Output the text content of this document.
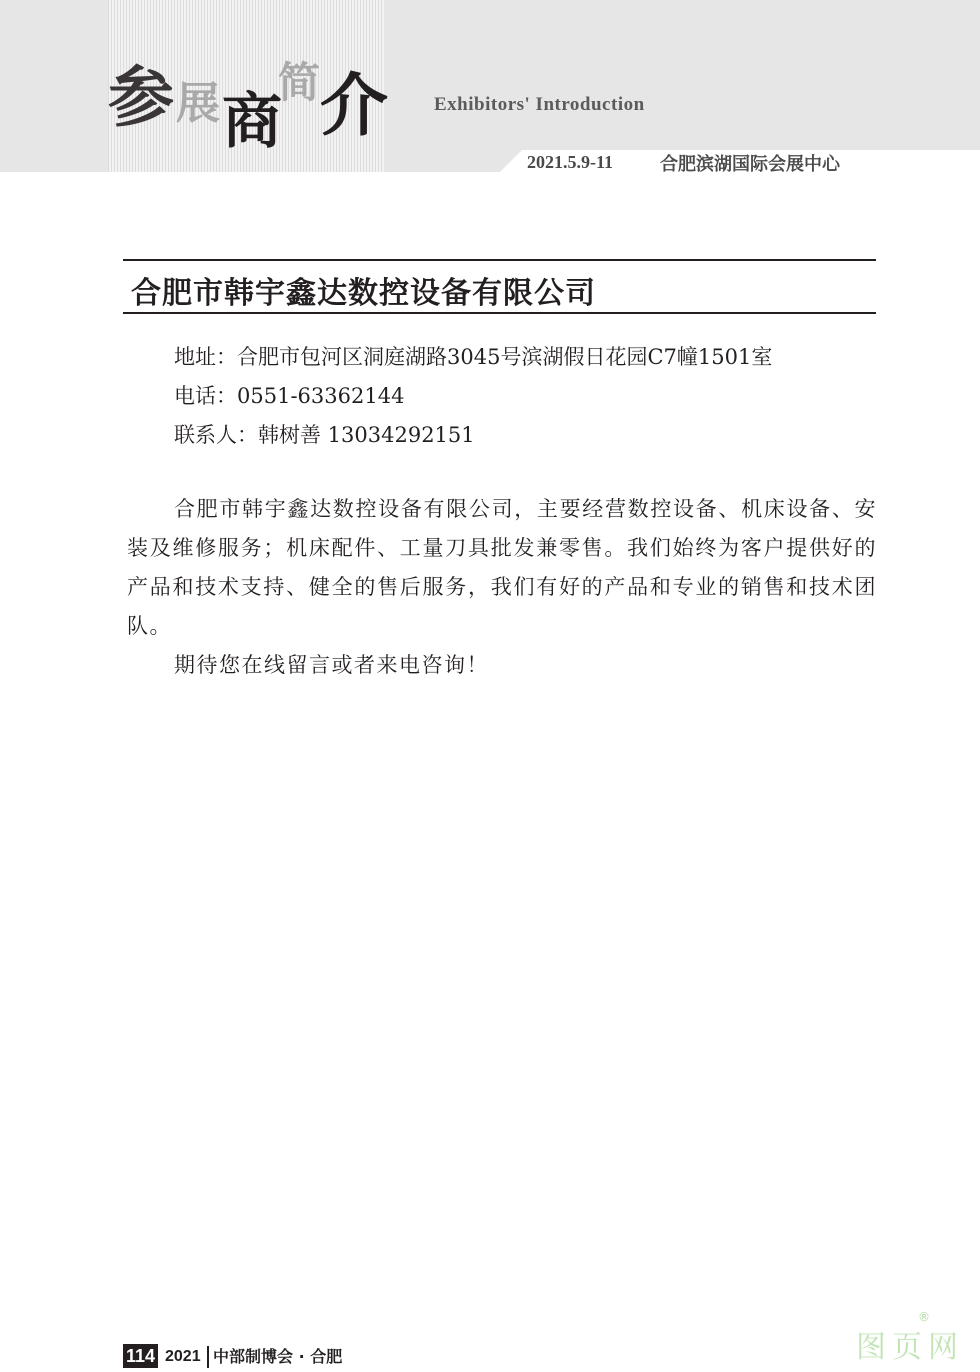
参 展 商
简 介 Exhibitors' Introduction
2021.5.9-11	合肥滨湖国际会展中心
合肥市韩宇鑫达数控设备有限公司
地址：合肥市包河区洞庭湖路3045号滨湖假日花园C7幢1501室
电话：0551-63362144
联系人：韩树善 13034292151

合肥市韩宇鑫达数控设备有限公司，主要经营数控设备、机床设备、安装及维修服务；机床配件、工量刀具批发兼零售。我们始终为客户提供好的产品和技术支持、健全的售后服务，我们有好的产品和专业的销售和技术团队。

期待您在线留言或者来电咨询！

114 2021 中部制博会 · 合肥	图页网
®
